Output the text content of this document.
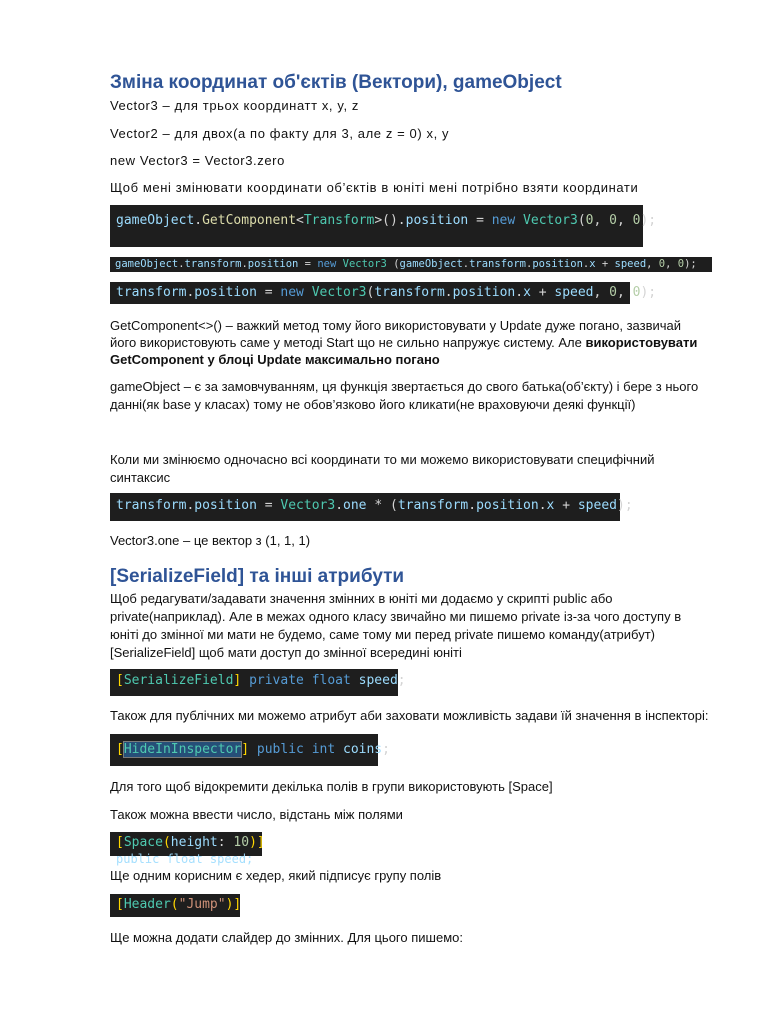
Зміна координат об'єктів (Вектори), gameObject

Vector3 – для трьох координатт x, y, z

Vector2 – для двох(а по факту для 3, але z = 0) x, y

new Vector3 = Vector3.zero

Щоб мені змінювати координати об’єктів в юніті мені потрібно взяти координати

gameObject.GetComponent<Transform>().position = new Vector3(0, 0, 0);
gameObject.transform.position = new Vector3 (gameObject.transform.position.x + speed, 0, 0);
transform.position = new Vector3(transform.position.x + speed, 0, 0);

GetComponent<>() – важкий метод тому його використовувати у Update дуже погано, зазвичай

його використовують саме у методі Start що не сильно напружує систему. Але використовувати

GetComponent у блоці Update максимально погано

gameObject – є за замовчуванням, ця функція звертається до свого батька(об’єкту) і бере з нього

данні(як base у класах) тому не обов’язково його кликати(не враховуючи деякі функції)

Коли ми змінюємо одночасно всі координати то ми можемо використовувати специфічний

синтаксис

transform.position = Vector3.one * (transform.position.x + speed);

Vector3.one – це вектор з (1, 1, 1)

[SerializeField] та інші атрибути

Щоб редагувати/задавати значення змінних в юніті ми додаємо у скрипті public або

private(наприклад). Але в межах одного класу звичайно ми пишемо private із-за чого доступу в

юніті до змінної ми мати не будемо, саме тому ми перед private пишемо команду(атрибут)

[SerializeField] щоб мати доступ до змінної всередині юніті

[SerializeField] private float speed;

Також для публічних ми можемо атрибут аби заховати можливість задави їй значення в інспекторі:

[HideInInspector] public int coins;

Для того щоб відокремити декілька полів в групи використовують [Space]

Також можна ввести число, відстань між полями

[Space(height: 10)]
public float speed;

Ще одним корисним є хедер, який підписує групу полів

[Header("Jump")]

Ще можна додати слайдер до змінних. Для цього пишемо:
